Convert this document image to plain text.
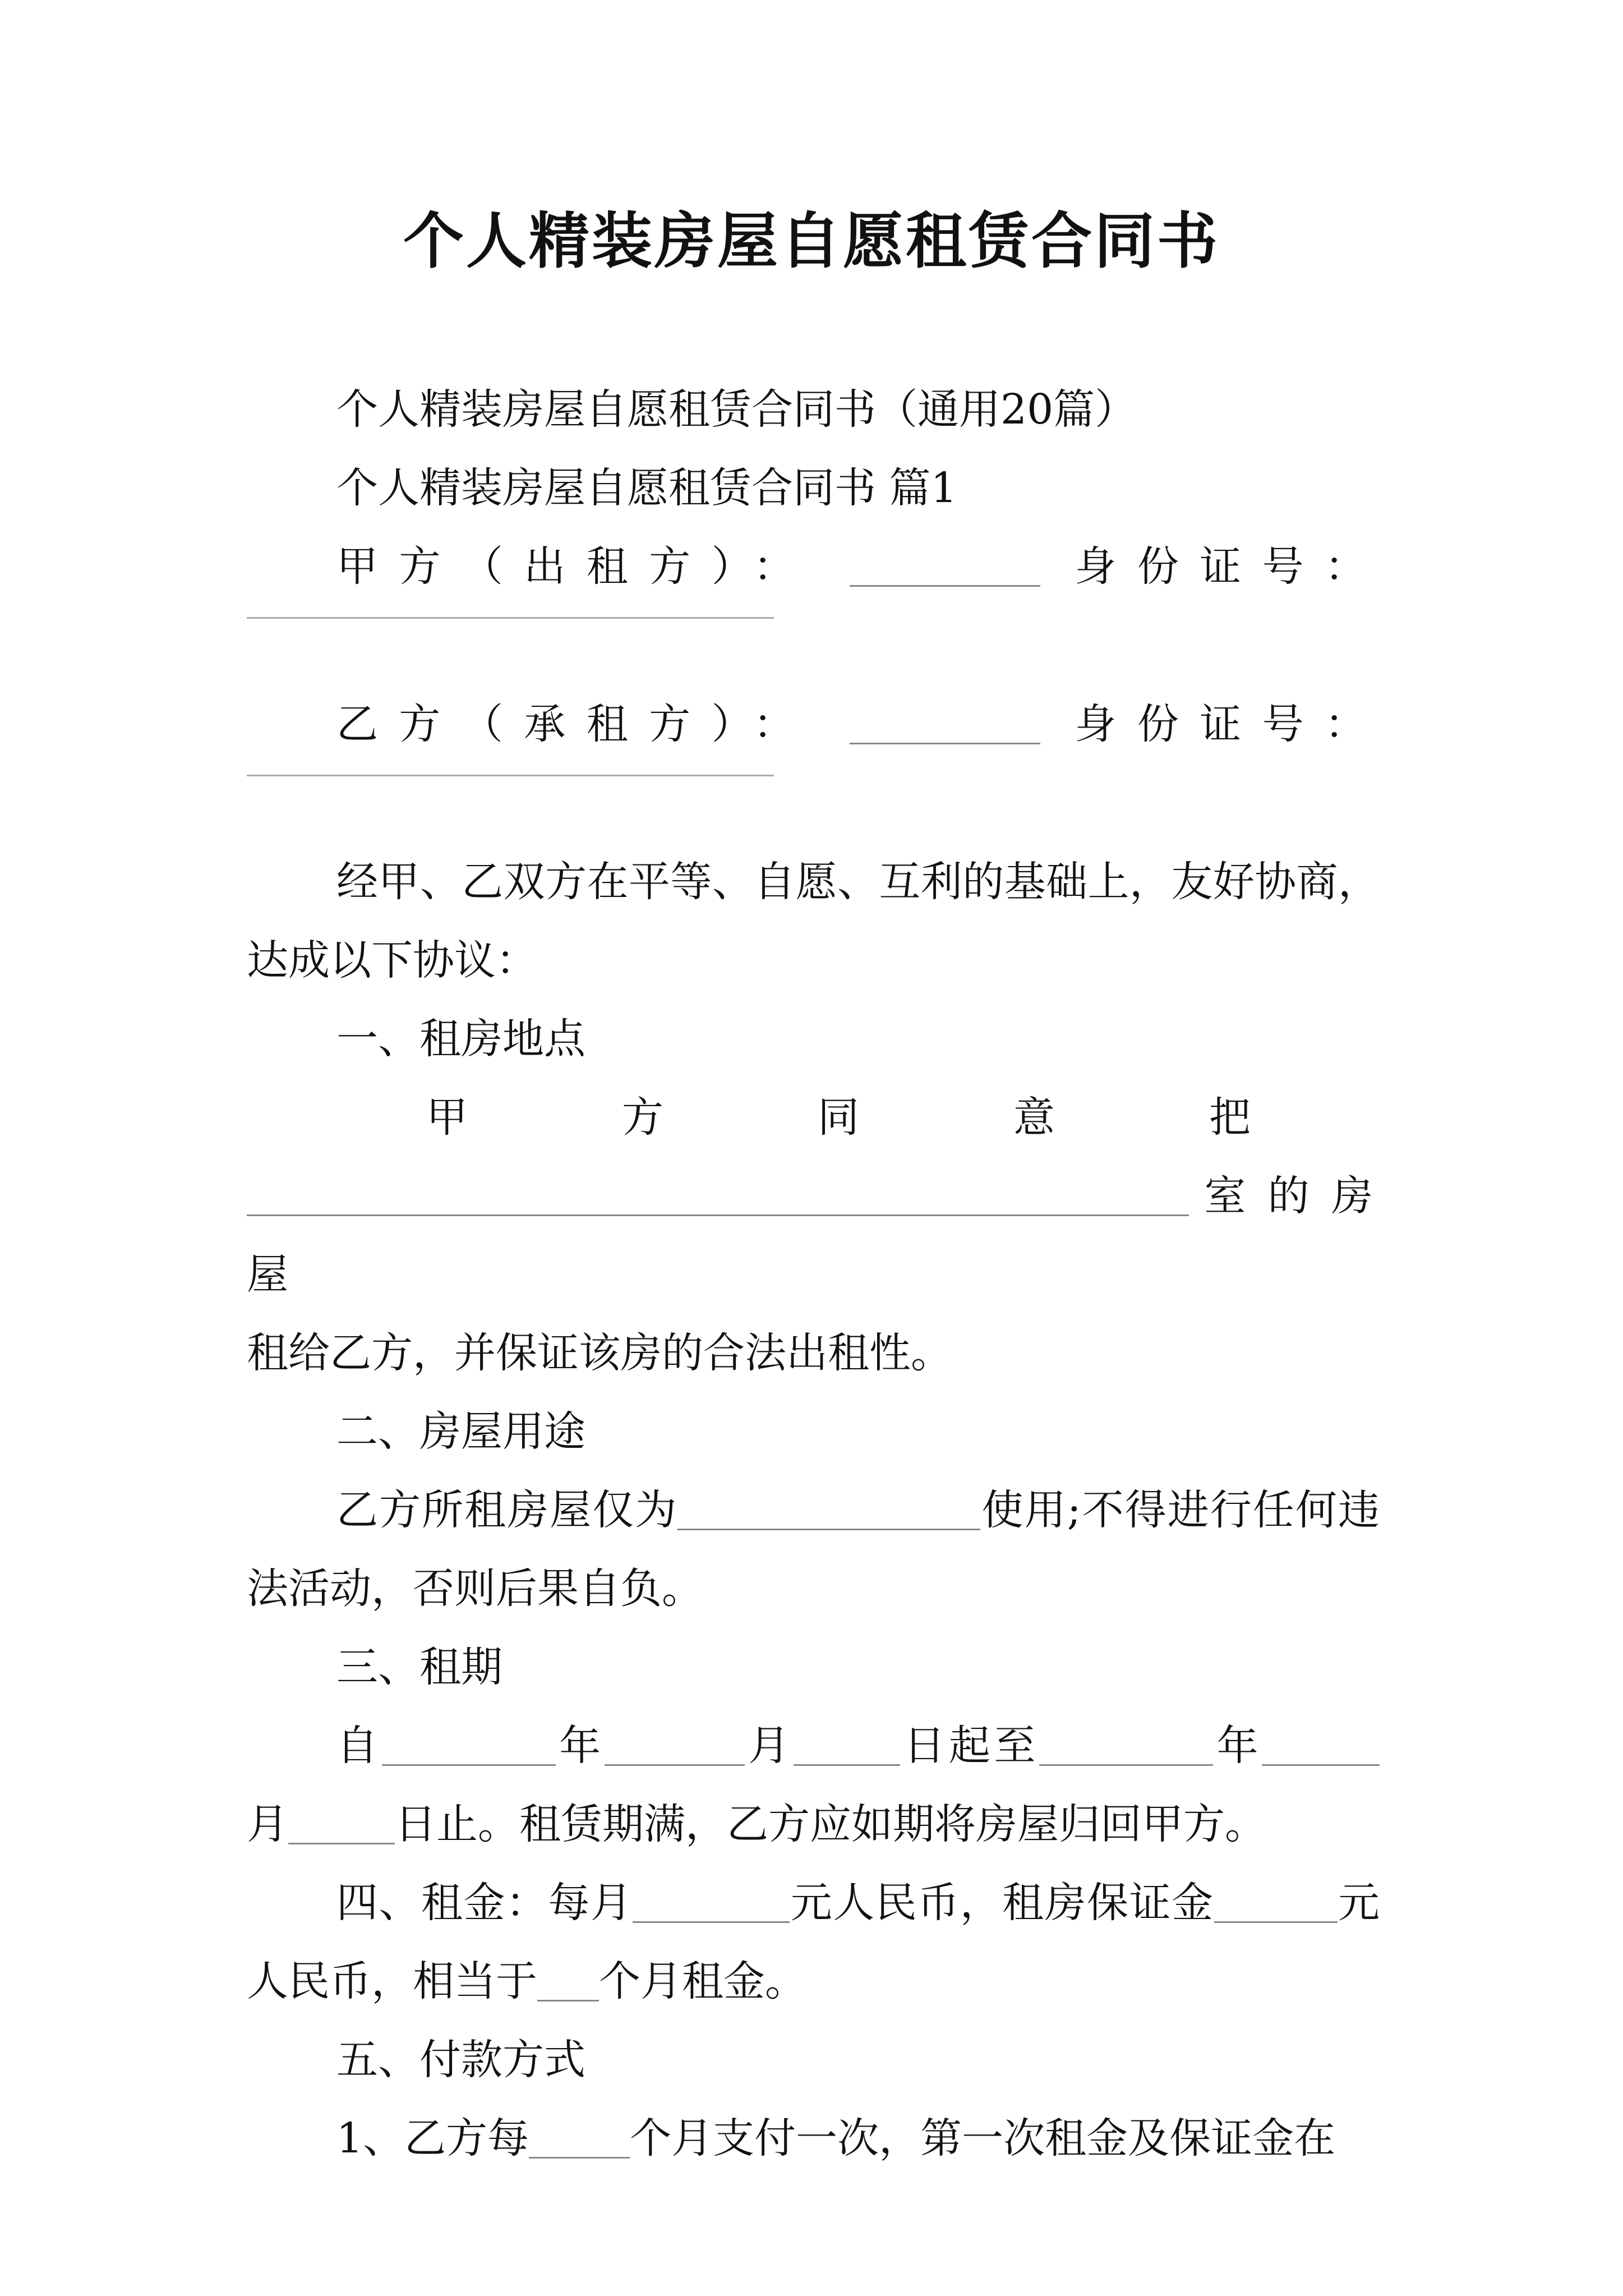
个人精装房屋自愿租赁合同书

个人精装房屋自愿租赁合同书（通用20篇）

个人精装房屋自愿租赁合同书 篇1

甲方（出租方）：	身份证号：

乙方（承租方）：	身份证号：

经甲、乙双方在平等、自愿、互利的基础上，友好协商，达成以下协议：

一、租房地点

甲方同意把

室的房屋

租给乙方，并保证该房的合法出租性。

二、房屋用途

乙方所租房屋仅为	使用;不得进行任何违法活动，否则后果自负。

三、租期

自	年	月	日起至	年月	日止。租赁期满，乙方应如期将房屋归回甲方。

四、租金：每月	元人民币，租房保证金	元人民币，相当于 个月租金。

五、付款方式

1、乙方每 个月支付一次，第一次租金及保证金在
